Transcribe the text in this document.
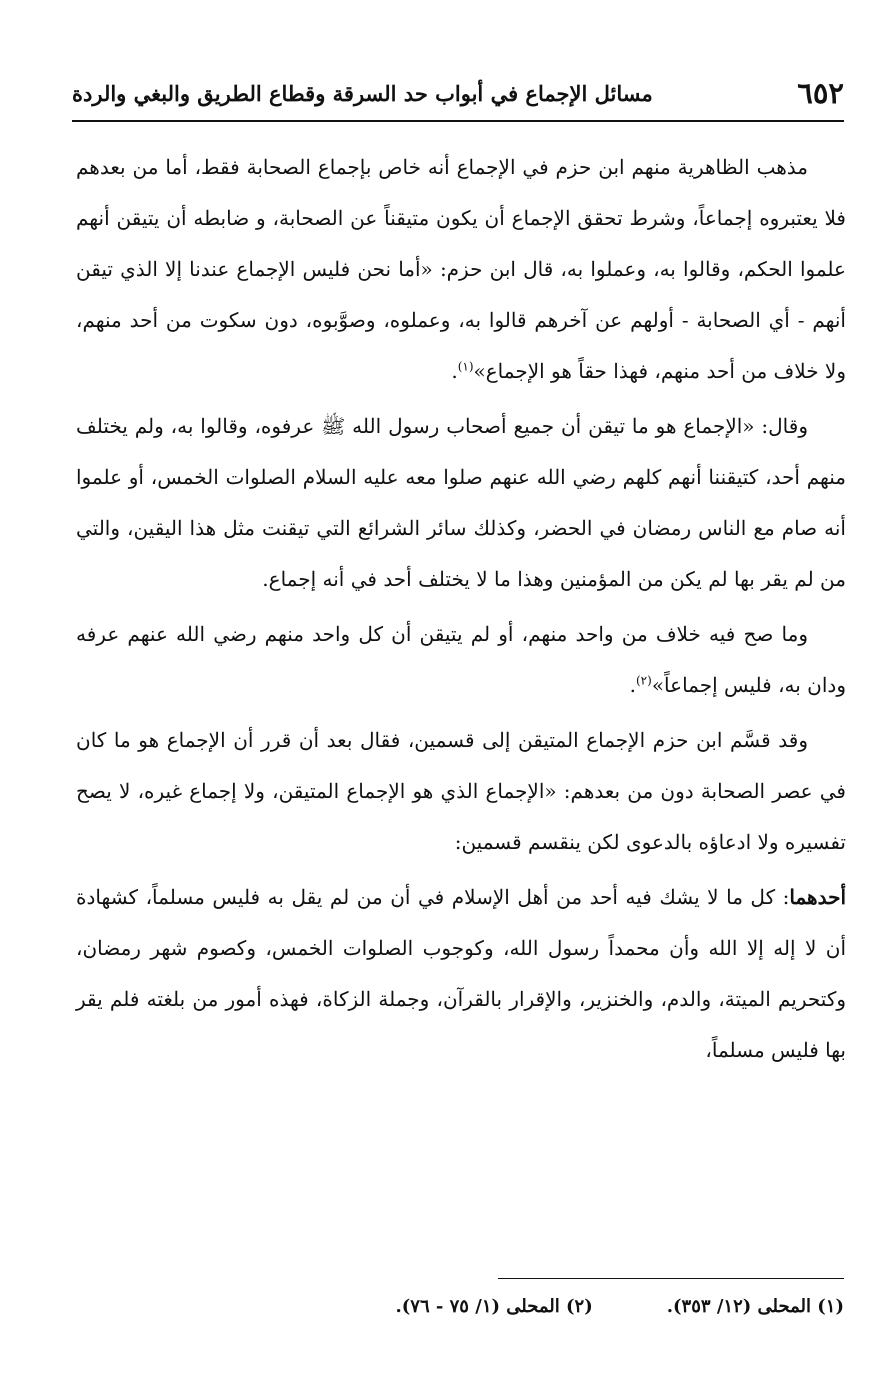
٦٥٢
مسائل الإجماع في أبواب حد السرقة وقطاع الطريق والبغي والردة

مذهب الظاهرية منهم ابن حزم في الإجماع أنه خاص بإجماع الصحابة فقط، أما من بعدهم فلا يعتبروه إجماعاً، وشرط تحقق الإجماع أن يكون متيقناً عن الصحابة، و ضابطه أن يتيقن أنهم علموا الحكم، وقالوا به، وعملوا به، قال ابن حزم: «أما نحن فليس الإجماع عندنا إلا الذي تيقن أنهم - أي الصحابة - أولهم عن آخرهم قالوا به، وعملوه، وصوَّبوه، دون سكوت من أحد منهم، ولا خلاف من أحد منهم، فهذا حقاً هو الإجماع»$^{(١)}$.

وقال: «الإجماع هو ما تيقن أن جميع أصحاب رسول الله ﷺ عرفوه، وقالوا به، ولم يختلف منهم أحد، كتيقننا أنهم كلهم رضي الله عنهم صلوا معه عليه السلام الصلوات الخمس، أو علموا أنه صام مع الناس رمضان في الحضر، وكذلك سائر الشرائع التي تيقنت مثل هذا اليقين، والتي من لم يقر بها لم يكن من المؤمنين وهذا ما لا يختلف أحد في أنه إجماع.

وما صح فيه خلاف من واحد منهم، أو لم يتيقن أن كل واحد منهم رضي الله عنهم عرفه ودان به، فليس إجماعاً»$^{(٢)}$.

وقد قسَّم ابن حزم الإجماع المتيقن إلى قسمين، فقال بعد أن قرر أن الإجماع هو ما كان في عصر الصحابة دون من بعدهم: «الإجماع الذي هو الإجماع المتيقن، ولا إجماع غيره، لا يصح تفسيره ولا ادعاؤه بالدعوى لكن ينقسم قسمين:

أحدهما: كل ما لا يشك فيه أحد من أهل الإسلام في أن من لم يقل به فليس مسلماً، كشهادة أن لا إله إلا الله وأن محمداً رسول الله، وكوجوب الصلوات الخمس، وكصوم شهر رمضان، وكتحريم الميتة، والدم، والخنزير، والإقرار بالقرآن، وجملة الزكاة، فهذه أمور من بلغته فلم يقر بها فليس مسلماً،

(١) المحلى (١٢/ ٣٥٣).
(٢) المحلى (١/ ٧٥ - ٧٦).
